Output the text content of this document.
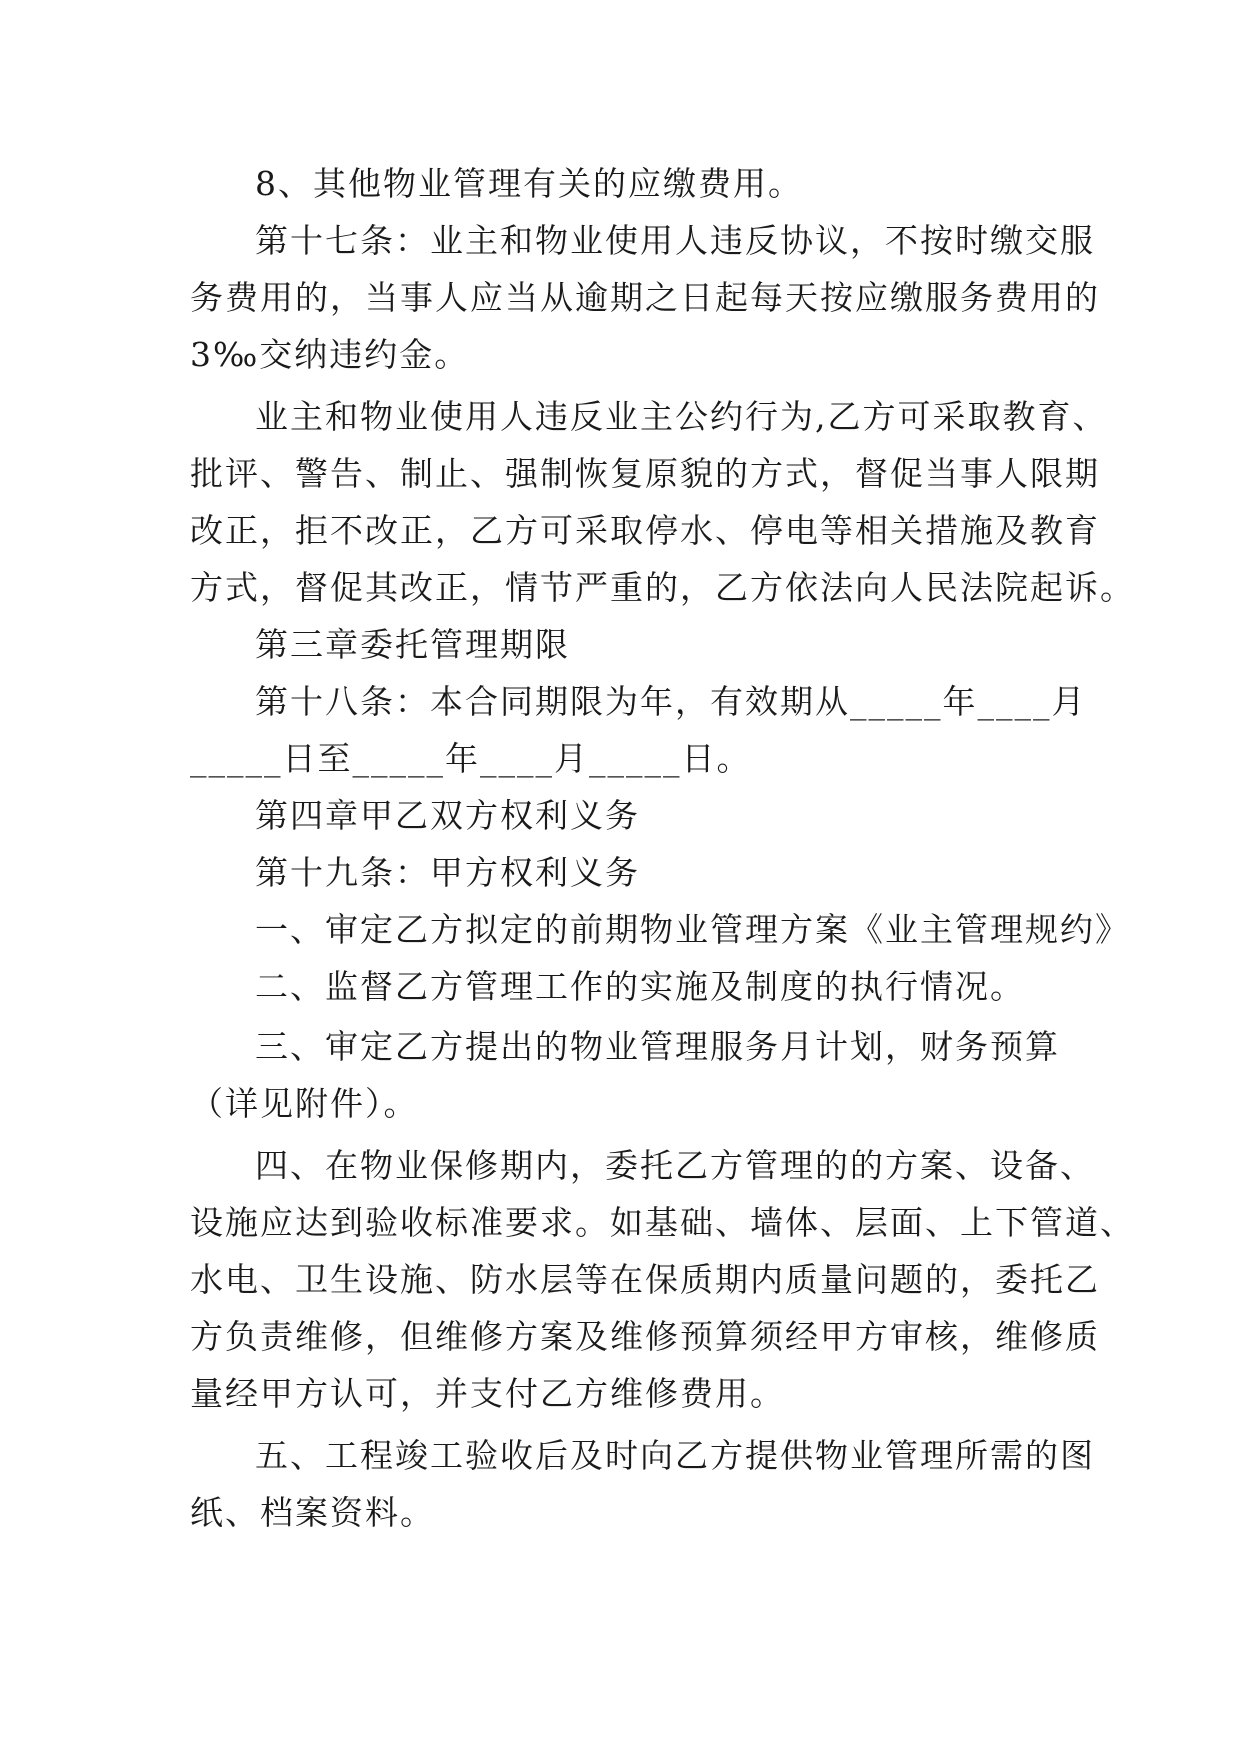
8、其他物业管理有关的应缴费用。
第十七条：业主和物业使用人违反协议，不按时缴交服
务费用的，当事人应当从逾期之日起每天按应缴服务费用的
3‰交纳违约金。
业主和物业使用人违反业主公约行为,乙方可采取教育、
批评、警告、制止、强制恢复原貌的方式，督促当事人限期
改正，拒不改正，乙方可采取停水、停电等相关措施及教育
方式，督促其改正，情节严重的，乙方依法向人民法院起诉。
第三章委托管理期限
第十八条：本合同期限为年，有效期从_____年____月
_____日至_____年____月_____日。
第四章甲乙双方权利义务
第十九条：甲方权利义务
一、审定乙方拟定的前期物业管理方案《业主管理规约》
二、监督乙方管理工作的实施及制度的执行情况。
三、审定乙方提出的物业管理服务月计划，财务预算
（详见附件）。
四、在物业保修期内，委托乙方管理的的方案、设备、
设施应达到验收标准要求。如基础、墙体、层面、上下管道、
水电、卫生设施、防水层等在保质期内质量问题的，委托乙
方负责维修，但维修方案及维修预算须经甲方审核，维修质
量经甲方认可，并支付乙方维修费用。
五、工程竣工验收后及时向乙方提供物业管理所需的图
纸、档案资料。
